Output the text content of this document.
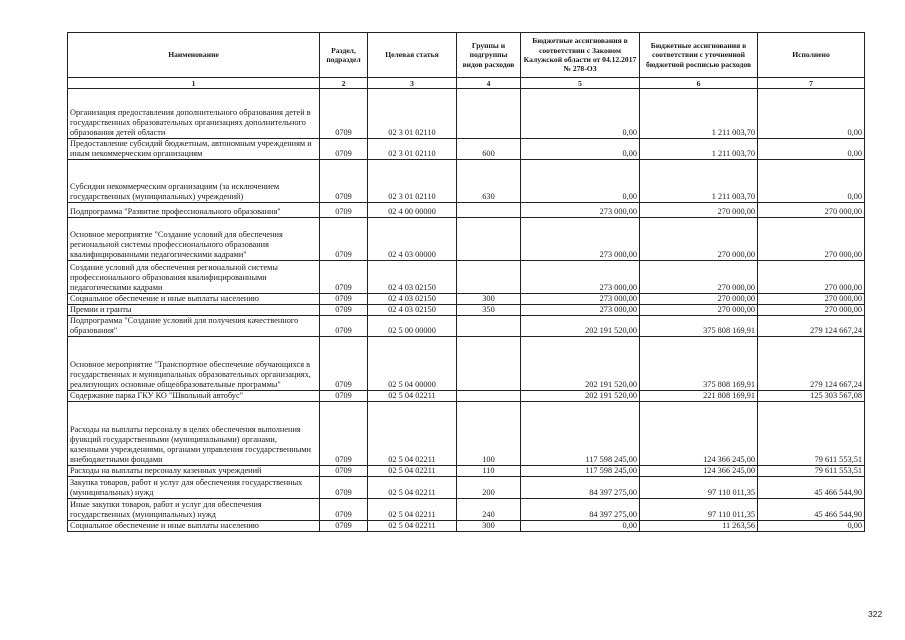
Наименование	Раздел, подраздел	Целевая статья	Группы и подгруппы видов расходов	Бюджетные ассигнования в соответствии с Законом Калужской области от 04.12.2017 № 278-ОЗ	Бюджетные ассигнования в соответствии с уточненной бюджетной росписью расходов	Исполнено
1	2	3	4	5	6	7
Организация предоставления дополнительного образования детей в государственных образовательных организациях дополнительного образования детей области	0709	02 3 01 02110		0,00	1 211 003,70	0,00
Предоставление субсидий бюджетным, автономным учреждениям и иным некоммерческим организациям	0709	02 3 01 02110	600	0,00	1 211 003,70	0,00
Субсидии некоммерческим организациям (за исключением государственных (муниципальных) учреждений)	0709	02 3 01 02110	630	0,00	1 211 003,70	0,00
Подпрограмма "Развитие профессионального образования"	0709	02 4 00 00000		273 000,00	270 000,00	270 000,00
Основное мероприятие "Создание условий для обеспечения региональной системы профессионального образования квалифицированными педагогическими кадрами"	0709	02 4 03 00000		273 000,00	270 000,00	270 000,00
Создание условий для обеспечения региональной системы профессионального образования квалифицированными педагогическими кадрами	0709	02 4 03 02150		273 000,00	270 000,00	270 000,00
Социальное обеспечение и иные выплаты населению	0709	02 4 03 02150	300	273 000,00	270 000,00	270 000,00
Премии и гранты	0709	02 4 03 02150	350	273 000,00	270 000,00	270 000,00
Подпрограмма "Создание условий для получения качественного образования"	0709	02 5 00 00000		202 191 520,00	375 808 169,91	279 124 667,24
Основное мероприятие "Транспортное обеспечение обучающихся в государственных и муниципальных образовательных организациях, реализующих основные общеобразовательные программы"	0709	02 5 04 00000		202 191 520,00	375 808 169,91	279 124 667,24
Содержание парка ГКУ КО "Школьный автобус"	0709	02 5 04 02211		202 191 520,00	221 808 169,91	125 303 567,08
Расходы на выплаты персоналу в целях обеспечения выполнения функций государственными (муниципальными) органами, казенными учреждениями, органами управления государственными внебюджетными фондами	0709	02 5 04 02211	100	117 598 245,00	124 366 245,00	79 611 553,51
Расходы на выплаты персоналу казенных учреждений	0709	02 5 04 02211	110	117 598 245,00	124 366 245,00	79 611 553,51
Закупка товаров, работ и услуг для обеспечения государственных (муниципальных) нужд	0709	02 5 04 02211	200	84 397 275,00	97 110 011,35	45 466 544,90
Иные закупки товаров, работ и услуг для обеспечения государственных (муниципальных) нужд	0709	02 5 04 02211	240	84 397 275,00	97 110 011,35	45 466 544,90
Социальное обеспечение и иные выплаты населению	0709	02 5 04 02211	300	0,00	11 263,56	0,00
322
